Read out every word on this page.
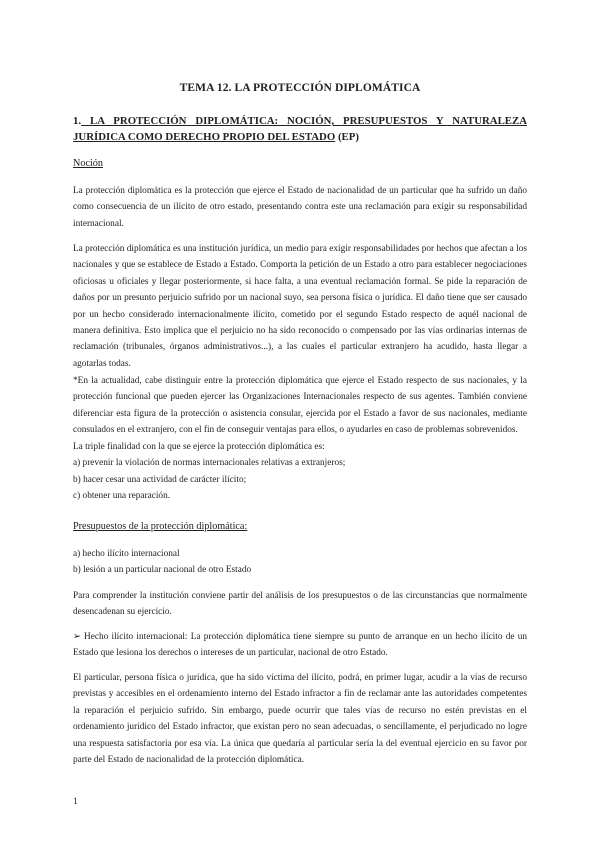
TEMA 12. LA PROTECCIÓN DIPLOMÁTICA
1. LA PROTECCIÓN DIPLOMÁTICA: NOCIÓN, PRESUPUESTOS Y NATURALEZA JURÍDICA COMO DERECHO PROPIO DEL ESTADO (EP)
Noción

La protección diplomática es la protección que ejerce el Estado de nacionalidad de un particular que ha sufrido un daño como consecuencia de un ilícito de otro estado, presentando contra este una reclamación para exigir su responsabilidad internacional.

La protección diplomática es una institución jurídica, un medio para exigir responsabilidades por hechos que afectan a los nacionales y que se establece de Estado a Estado. Comporta la petición de un Estado a otro para establecer negociaciones oficiosas u oficiales y llegar posteriormente, si hace falta, a una eventual reclamación formal. Se pide la reparación de daños por un presunto perjuicio sufrido por un nacional suyo, sea persona física o jurídica. El daño tiene que ser causado por un hecho considerado internacionalmente ilícito, cometido por el segundo Estado respecto de aquél nacional de manera definitiva. Esto implica que el perjuicio no ha sido reconocido o compensado por las vías ordinarias internas de reclamación (tribunales, órganos administrativos...), a las cuales el particular extranjero ha acudido, hasta llegar a agotarlas todas.

*En la actualidad, cabe distinguir entre la protección diplomática que ejerce el Estado respecto de sus nacionales, y la protección funcional que pueden ejercer las Organizaciones Internacionales respecto de sus agentes. También conviene diferenciar esta figura de la protección o asistencia consular, ejercida por el Estado a favor de sus nacionales, mediante consulados en el extranjero, con el fin de conseguir ventajas para ellos, o ayudarles en caso de problemas sobrevenidos.

La triple finalidad con la que se ejerce la protección diplomática es:
a) prevenir la violación de normas internacionales relativas a extranjeros;
b) hacer cesar una actividad de carácter ilícito;
c) obtener una reparación.
Presupuestos de la protección diplomática:
a) hecho ilícito internacional
b) lesión a un particular nacional de otro Estado

Para comprender la institución conviene partir del análisis de los presupuestos o de las circunstancias que normalmente desencadenan su ejercicio.

➢ Hecho ilícito internacional: La protección diplomática tiene siempre su punto de arranque en un hecho ilícito de un Estado que lesiona los derechos o intereses de un particular, nacional de otro Estado.

El particular, persona física o jurídica, que ha sido víctima del ilícito, podrá, en primer lugar, acudir a la vías de recurso previstas y accesibles en el ordenamiento interno del Estado infractor a fin de reclamar ante las autoridades competentes la reparación el perjuicio sufrido. Sin embargo, puede ocurrir que tales vías de recurso no estén previstas en el ordenamiento jurídico del Estado infractor, que existan pero no sean adecuadas, o sencillamente, el perjudicado no logre una respuesta satisfactoria por esa vía. La única que quedaría al particular sería la del eventual ejercicio en su favor por parte del Estado de nacionalidad de la protección diplomática.

1
